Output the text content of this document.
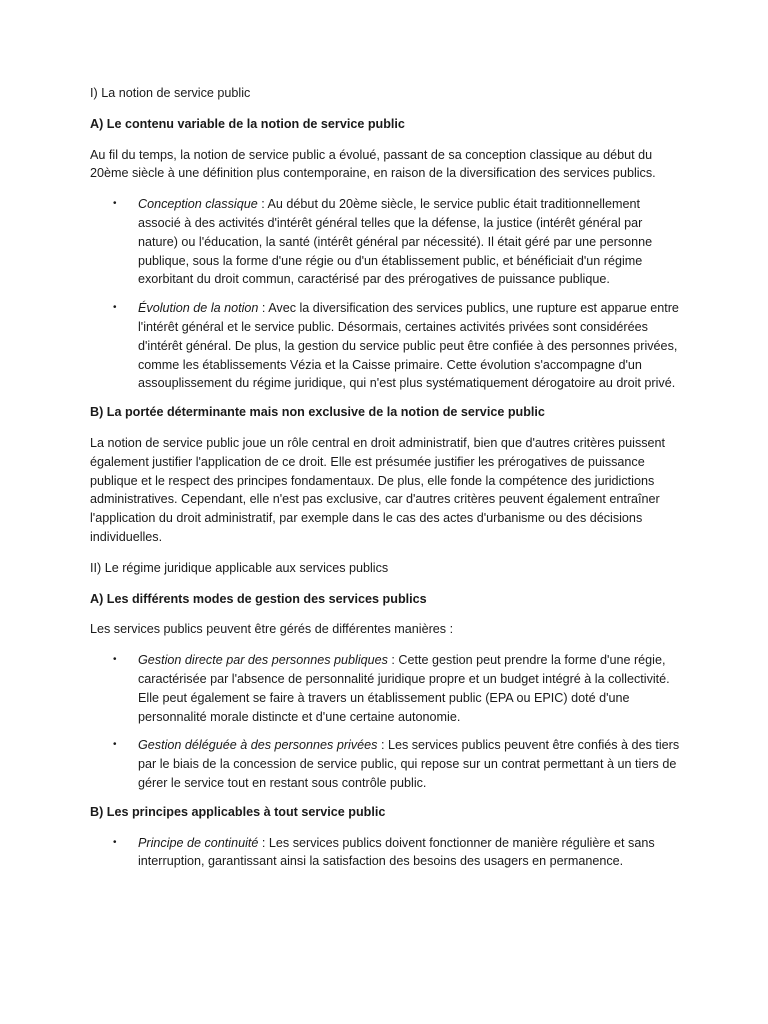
I) La notion de service public

A) Le contenu variable de la notion de service public

Au fil du temps, la notion de service public a évolué, passant de sa conception classique au début du 20ème siècle à une définition plus contemporaine, en raison de la diversification des services publics.

• Conception classique : Au début du 20ème siècle, le service public était traditionnellement associé à des activités d'intérêt général telles que la défense, la justice (intérêt général par nature) ou l'éducation, la santé (intérêt général par nécessité). Il était géré par une personne publique, sous la forme d'une régie ou d'un établissement public, et bénéficiait d'un régime exorbitant du droit commun, caractérisé par des prérogatives de puissance publique.
• Évolution de la notion : Avec la diversification des services publics, une rupture est apparue entre l'intérêt général et le service public. Désormais, certaines activités privées sont considérées d'intérêt général. De plus, la gestion du service public peut être confiée à des personnes privées, comme les établissements Vézia et la Caisse primaire. Cette évolution s'accompagne d'un assouplissement du régime juridique, qui n'est plus systématiquement dérogatoire au droit privé.

B) La portée déterminante mais non exclusive de la notion de service public

La notion de service public joue un rôle central en droit administratif, bien que d'autres critères puissent également justifier l'application de ce droit. Elle est présumée justifier les prérogatives de puissance publique et le respect des principes fondamentaux. De plus, elle fonde la compétence des juridictions administratives. Cependant, elle n'est pas exclusive, car d'autres critères peuvent également entraîner l'application du droit administratif, par exemple dans le cas des actes d'urbanisme ou des décisions individuelles.

II) Le régime juridique applicable aux services publics

A) Les différents modes de gestion des services publics

Les services publics peuvent être gérés de différentes manières :

• Gestion directe par des personnes publiques : Cette gestion peut prendre la forme d'une régie, caractérisée par l'absence de personnalité juridique propre et un budget intégré à la collectivité. Elle peut également se faire à travers un établissement public (EPA ou EPIC) doté d'une personnalité morale distincte et d'une certaine autonomie.
• Gestion déléguée à des personnes privées : Les services publics peuvent être confiés à des tiers par le biais de la concession de service public, qui repose sur un contrat permettant à un tiers de gérer le service tout en restant sous contrôle public.

B) Les principes applicables à tout service public

• Principe de continuité : Les services publics doivent fonctionner de manière régulière et sans interruption, garantissant ainsi la satisfaction des besoins des usagers en permanence.
